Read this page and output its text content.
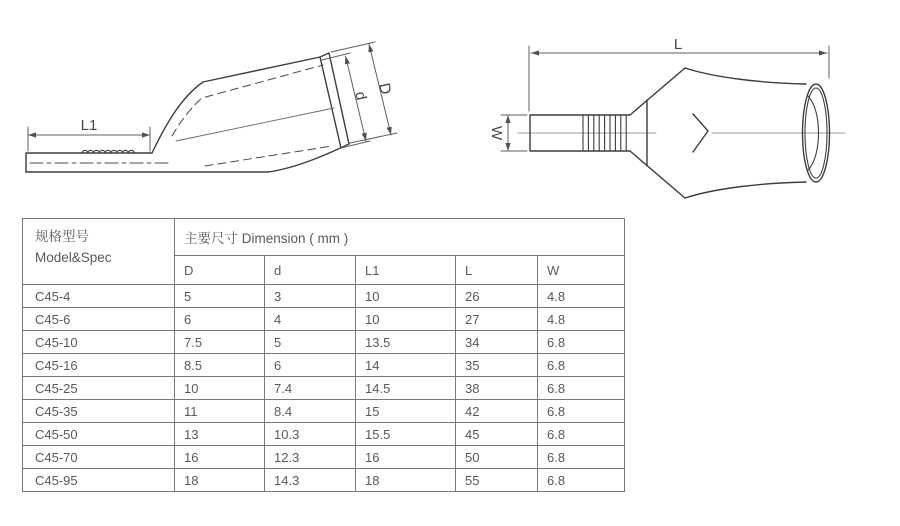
L1
d D
L
W
规格型号
Model&Spec	主要尺寸 Dimension ( mm )				
	D	d	L1	L	W
C45-4	5	3	10	26	4.8
C45-6	6	4	10	27	4.8
C45-10	7.5	5	13.5	34	6.8
C45-16	8.5	6	14	35	6.8
C45-25	10	7.4	14.5	38	6.8
C45-35	11	8.4	15	42	6.8
C45-50	13	10.3	15.5	45	6.8
C45-70	16	12.3	16	50	6.8
C45-95	18	14.3	18	55	6.8
